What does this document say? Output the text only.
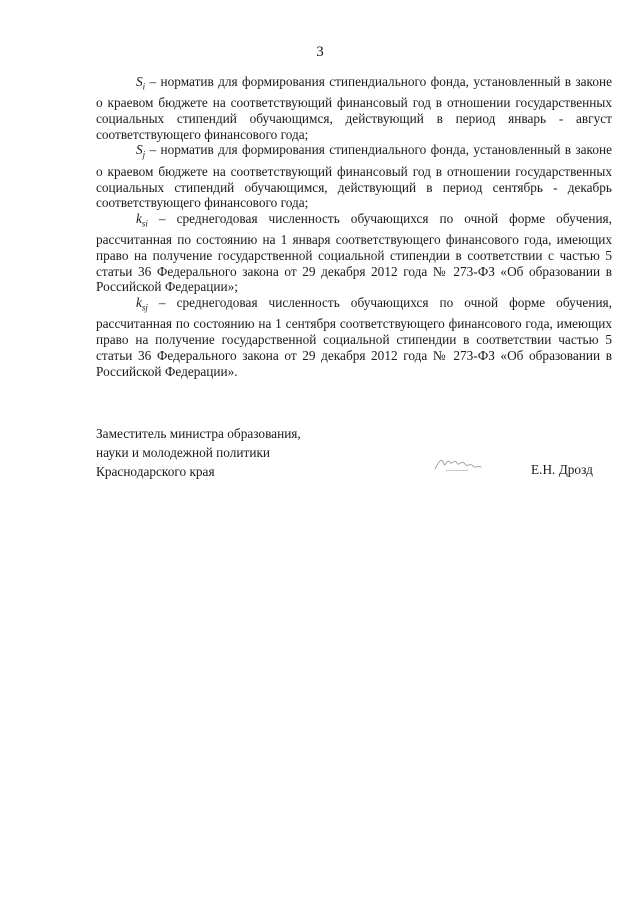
3

$S_i$ – норматив для формирования стипендиального фонда, установленный в законе о краевом бюджете на соответствующий финансовый год в отношении государственных социальных стипендий обучающимся, действующий в период январь - август соответствующего финансового года;

$S_j$ – норматив для формирования стипендиального фонда, установленный в законе о краевом бюджете на соответствующий финансовый год в отношении государственных социальных стипендий обучающимся, действующий в период сентябрь - декабрь соответствующего финансового года;

$k_{si}$ – среднегодовая численность обучающихся по очной форме обучения, рассчитанная по состоянию на 1 января соответствующего финансового года, имеющих право на получение государственной социальной стипендии в соответствии с частью 5 статьи 36 Федерального закона от 29 декабря 2012 года № 273-ФЗ «Об образовании в Российской Федерации»;

$k_{sj}$ – среднегодовая численность обучающихся по очной форме обучения, рассчитанная по состоянию на 1 сентября соответствующего финансового года, имеющих право на получение государственной социальной стипендии в соответствии частью 5 статьи 36 Федерального закона от 29 декабря 2012 года № 273-ФЗ «Об образовании в Российской Федерации».

Заместитель министра образования,
науки и молодежной политики
Краснодарского края	Е.Н. Дрозд
